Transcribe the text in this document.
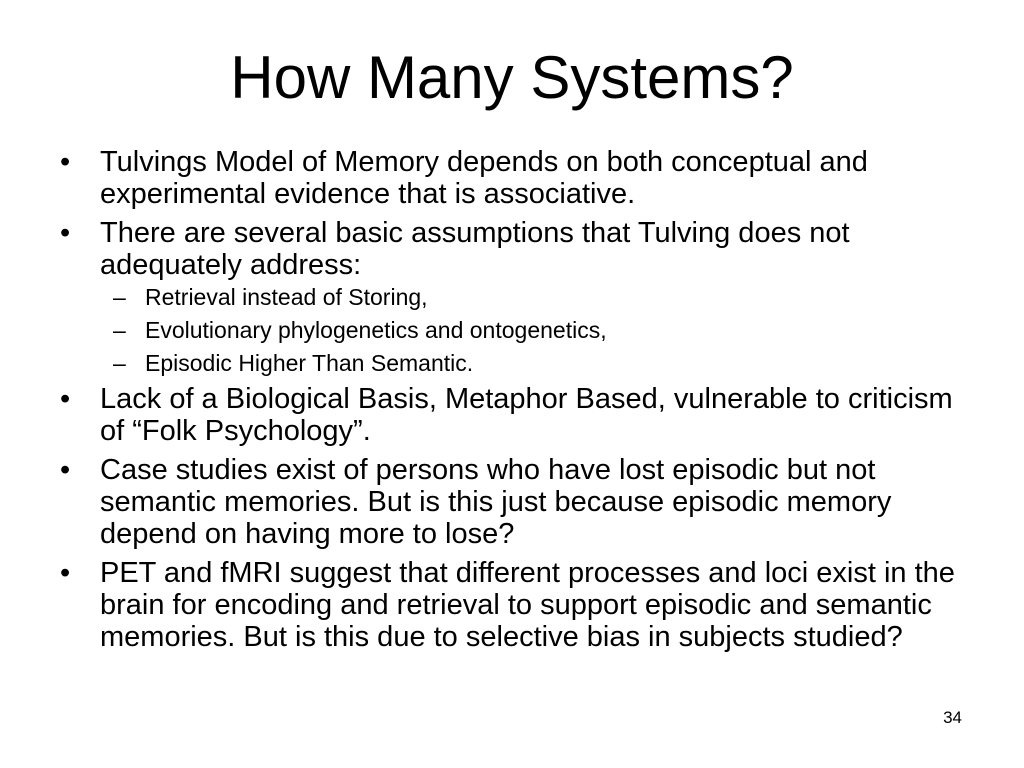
How Many Systems?
•	Tulvings Model of Memory depends on both conceptual and experimental evidence that is associative.
•	There are several basic assumptions that Tulving does not adequately address:
– Retrieval instead of Storing,
– Evolutionary phylogenetics and ontogenetics,
– Episodic Higher Than Semantic.
•	Lack of a Biological Basis, Metaphor Based, vulnerable to criticism of “Folk Psychology”.
•	Case studies exist of persons who have lost episodic but not semantic memories. But is this just because episodic memory depend on having more to lose?
•	PET and fMRI suggest that different processes and loci exist in the brain for encoding and retrieval to support episodic and semantic memories. But is this due to selective bias in subjects studied?
34
